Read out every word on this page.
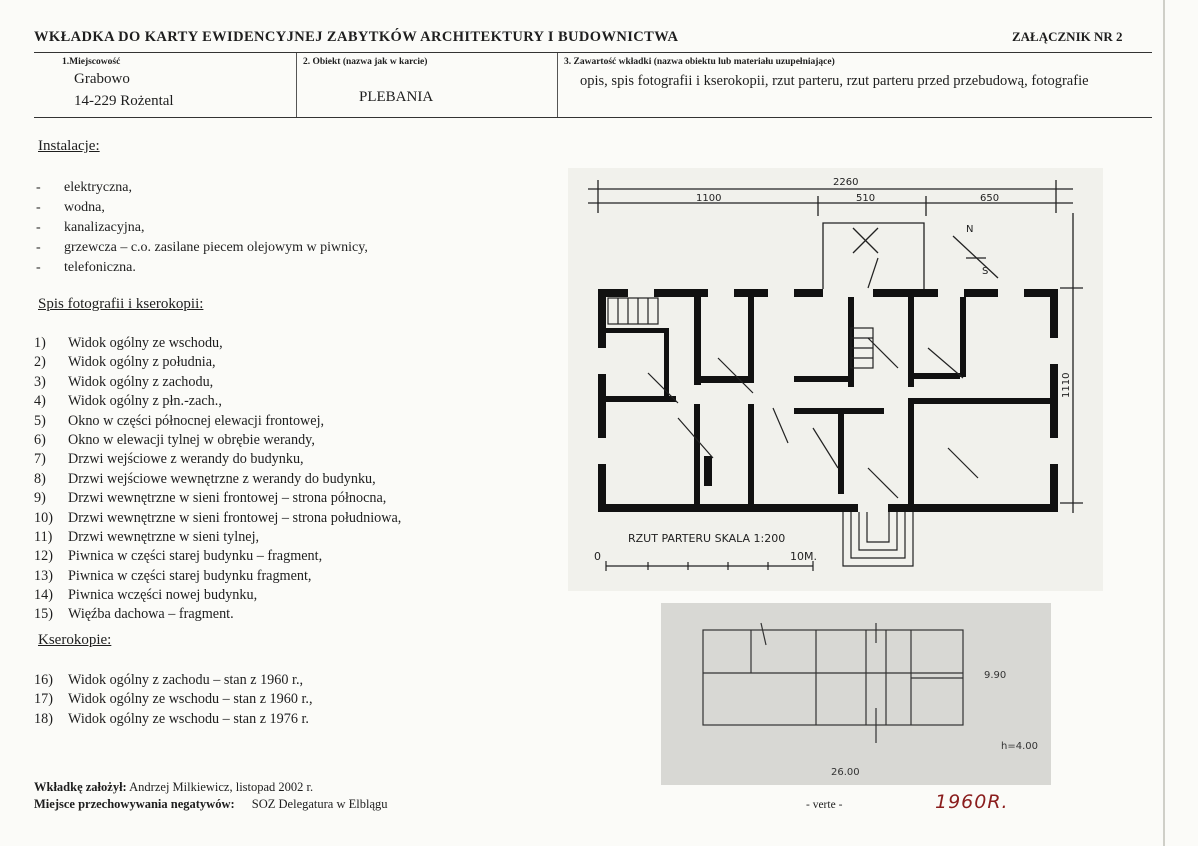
WKŁADKA DO KARTY EWIDENCYJNEJ ZABYTKÓW ARCHITEKTURY I BUDOWNICTWA	ZAŁĄCZNIK NR 2
1.Miejscowość
Grabowo
14-229 Rożental
2. Obiekt (nazwa jak w karcie)
PLEBANIA
3. Zawartość wkładki (nazwa obiektu lub materiału uzupełniające)
opis, spis fotografii i kserokopii, rzut parteru, rzut parteru przed przebudową, fotografie
Instalacje:
- elektryczna,
- wodna,
- kanalizacyjna,
- grzewcza – c.o. zasilane piecem olejowym w piwnicy,
- telefoniczna.
Spis fotografii i kserokopii:
1) Widok ogólny ze wschodu,
2) Widok ogólny z południa,
3) Widok ogólny z zachodu,
4) Widok ogólny z płn.-zach.,
5) Okno w części północnej elewacji frontowej,
6) Okno w elewacji tylnej w obrębie werandy,
7) Drzwi wejściowe z werandy do budynku,
8) Drzwi wejściowe wewnętrzne z werandy do budynku,
9) Drzwi wewnętrzne w sieni frontowej – strona północna,
10) Drzwi wewnętrzne w sieni frontowej – strona południowa,
11) Drzwi wewnętrzne w sieni tylnej,
12) Piwnica w części starej budynku – fragment,
13) Piwnica w części starej budynku fragment,
14) Piwnica wczęści nowej budynku,
15) Więźba dachowa – fragment.
Kserokopie:
16) Widok ogólny z zachodu – stan z 1960 r.,
17) Widok ogólny ze wschodu – stan z 1960 r.,
18) Widok ogólny ze wschodu – stan z 1976 r.
Wkładkę założył: Andrzej Milkiewicz, listopad 2002 r.
Miejsce przechowywania negatywów: SOZ Delegatura w Elblągu	- verte -	1960R.
2260
1100	510	650
1110
N
S
RZUT PARTERU SKALA 1:200
0	10M.
26.00
9.90
h=4.00
